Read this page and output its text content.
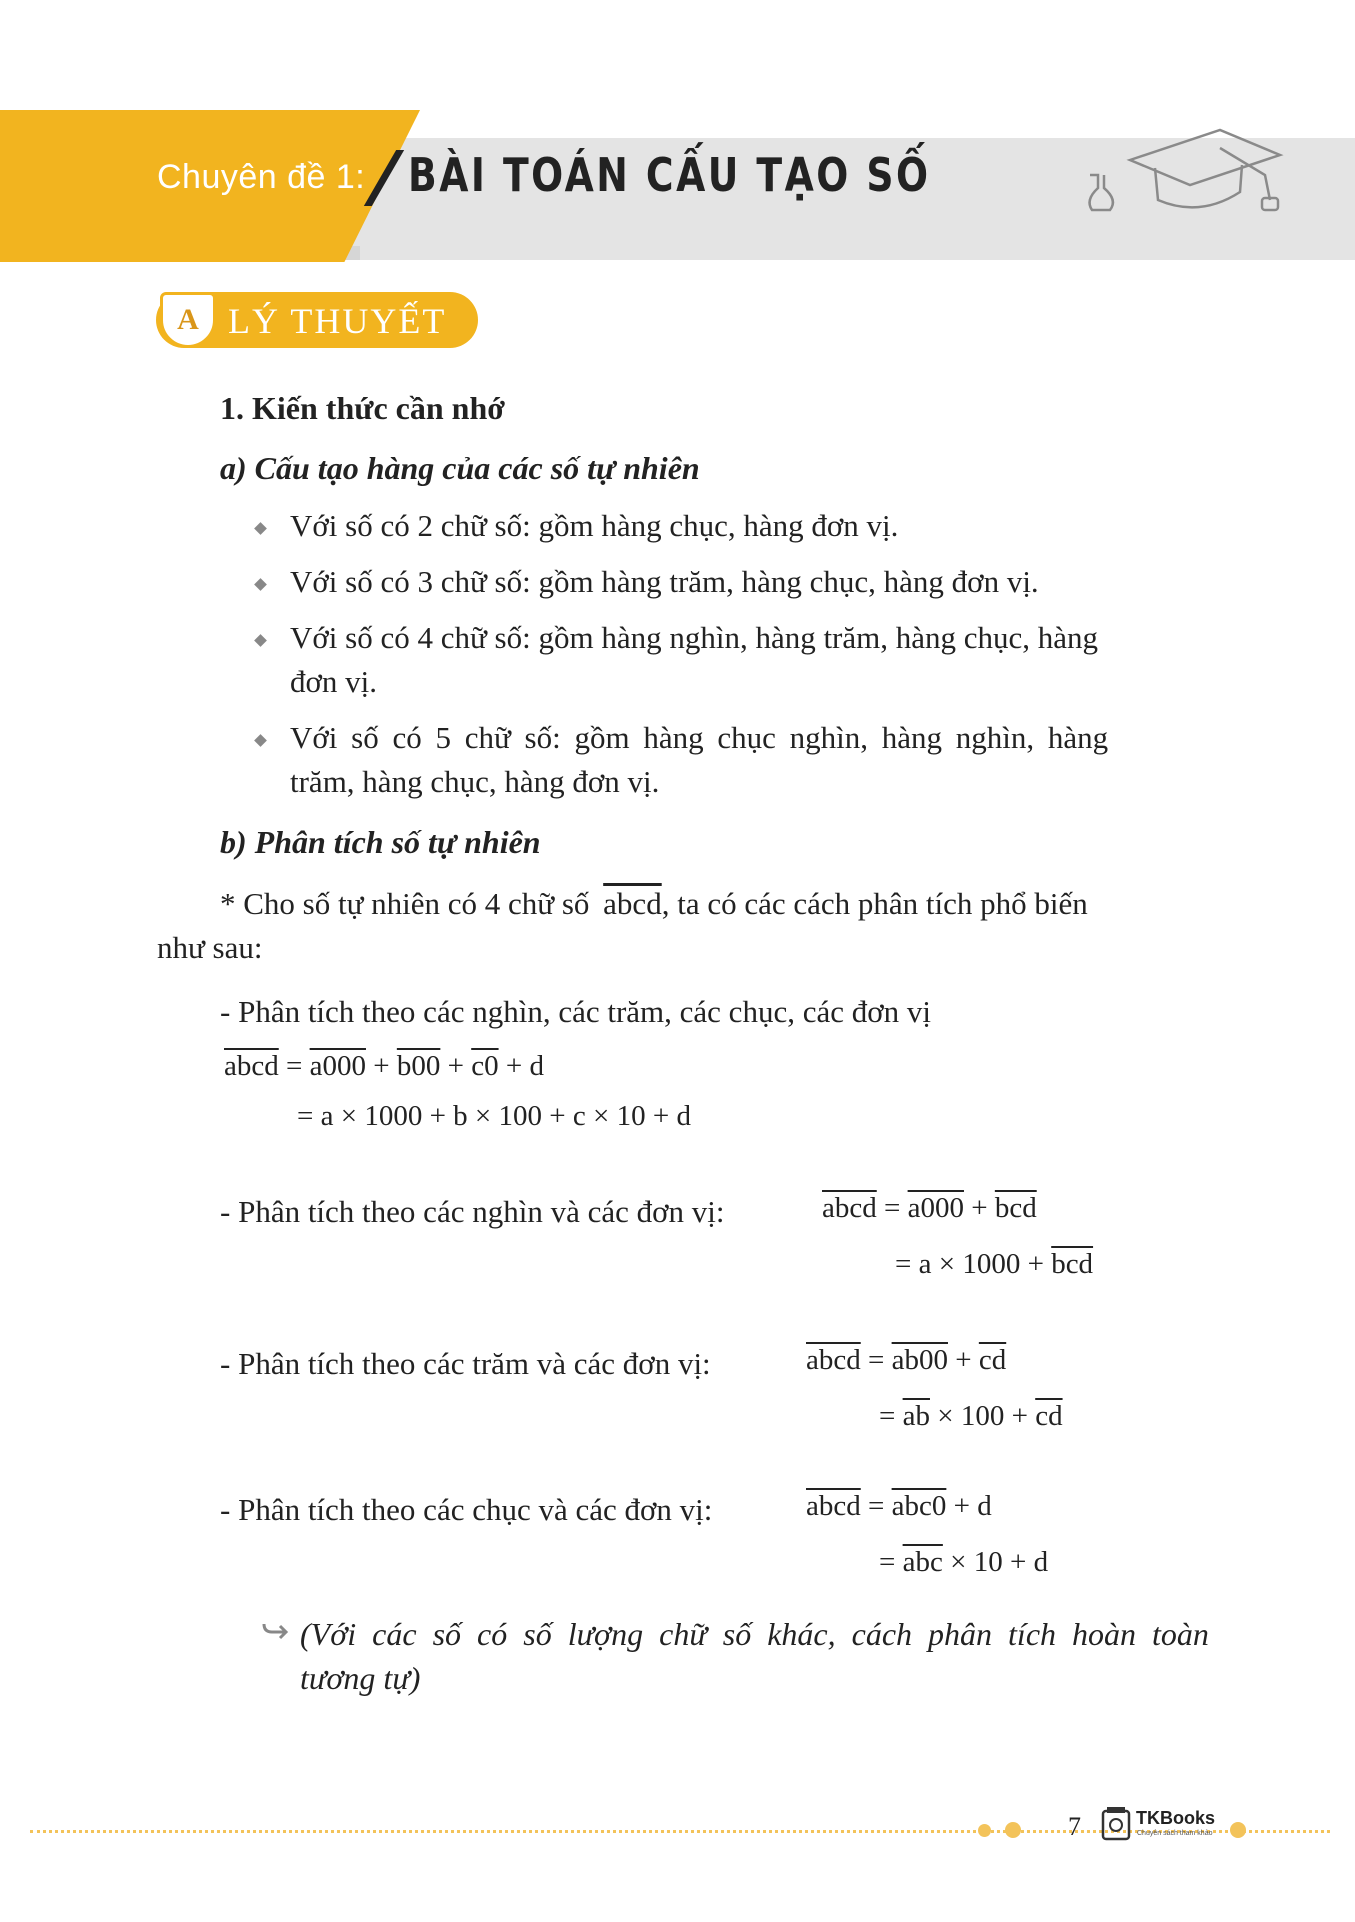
Chuyên đề 1: BÀI TOÁN CẤU TẠO SỐ
A LÝ THUYẾT
1. Kiến thức cần nhớ
a) Cấu tạo hàng của các số tự nhiên
Với số có 2 chữ số: gồm hàng chục, hàng đơn vị.
Với số có 3 chữ số: gồm hàng trăm, hàng chục, hàng đơn vị.
Với số có 4 chữ số: gồm hàng nghìn, hàng trăm, hàng chục, hàng
đơn vị.
Với số có 5 chữ số: gồm hàng chục nghìn, hàng nghìn, hàng
trăm, hàng chục, hàng đơn vị.
b) Phân tích số tự nhiên
* Cho số tự nhiên có 4 chữ số abcd, ta có các cách phân tích phổ biến
như sau:
- Phân tích theo các nghìn, các trăm, các chục, các đơn vị
abcd = a000 + b00 + c0 + d
= a × 1000 + b × 100 + c × 10 + d
- Phân tích theo các nghìn và các đơn vị:	abcd = $a000 + \overline{bcd}$
= $a \times 1000 + \overline{bcd}$
- Phân tích theo các trăm và các đơn vị:	abcd = $ab00 + \overline{cd}$
= $\overline{ab} \times 100 + \overline{cd}$
- Phân tích theo các chục và các đơn vị:	abcd = abc0 + d
= $\overline{abc} \times 10 + d$
(Với các số có số lượng chữ số khác, cách phân tích hoàn toàn
tương tự)
7	TKBooks
Chuyên sách tham khảo
